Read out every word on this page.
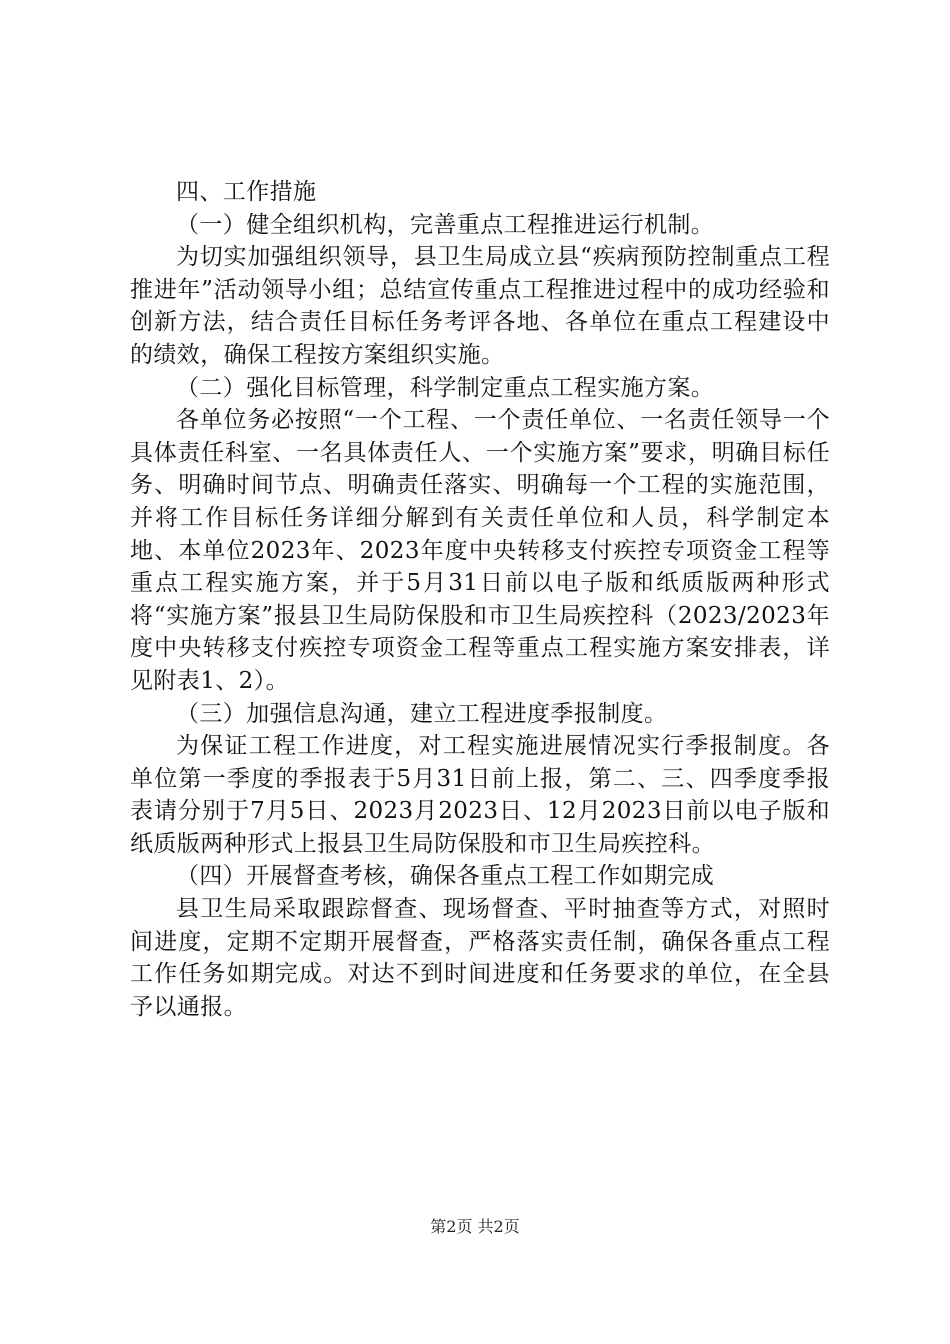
四、工作措施

（一）健全组织机构，完善重点工程推进运行机制。

为切实加强组织领导，县卫生局成立县“疾病预防控制重点工程推进年”活动领导小组；总结宣传重点工程推进过程中的成功经验和创新方法，结合责任目标任务考评各地、各单位在重点工程建设中的绩效，确保工程按方案组织实施。

（二）强化目标管理，科学制定重点工程实施方案。

各单位务必按照“一个工程、一个责任单位、一名责任领导一个具体责任科室、一名具体责任人、一个实施方案”要求，明确目标任务、明确时间节点、明确责任落实、明确每一个工程的实施范围，并将工作目标任务详细分解到有关责任单位和人员，科学制定本地、本单位2023年、2023年度中央转移支付疾控专项资金工程等重点工程实施方案，并于5月31日前以电子版和纸质版两种形式将“实施方案”报县卫生局防保股和市卫生局疾控科（2023/2023年度中央转移支付疾控专项资金工程等重点工程实施方案安排表，详见附表1、2）。

（三）加强信息沟通，建立工程进度季报制度。

为保证工程工作进度，对工程实施进展情况实行季报制度。各单位第一季度的季报表于5月31日前上报，第二、三、四季度季报表请分别于7月5日、2023月2023日、12月2023日前以电子版和纸质版两种形式上报县卫生局防保股和市卫生局疾控科。

（四）开展督查考核，确保各重点工程工作如期完成

县卫生局采取跟踪督查、现场督查、平时抽查等方式，对照时间进度，定期不定期开展督查，严格落实责任制，确保各重点工程工作任务如期完成。对达不到时间进度和任务要求的单位，在全县予以通报。

第2页 共2页
